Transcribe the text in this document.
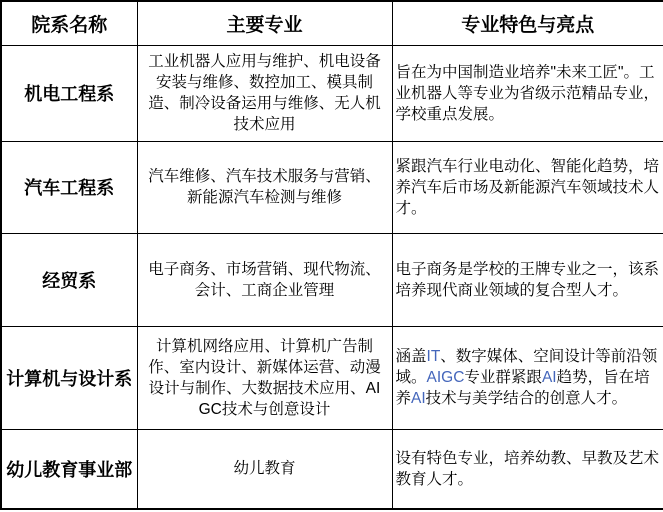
院系名称	主要专业	专业特色与亮点
机电工程系	工业机器人应用与维护、机电设备安装与维修、数控加工、模具制造、制冷设备运用与维修、无人机技术应用	旨在为中国制造业培养"未来工匠"。工业机器人等专业为省级示范精品专业，学校重点发展。
汽车工程系	汽车维修、汽车技术服务与营销、新能源汽车检测与维修	紧跟汽车行业电动化、智能化趋势，培养汽车后市场及新能源汽车领域技术人才。
经贸系	电子商务、市场营销、现代物流、会计、工商企业管理	电子商务是学校的王牌专业之一，该系培养现代商业领域的复合型人才。
计算机与设计系	计算机网络应用、计算机广告制作、室内设计、新媒体运营、动漫设计与制作、大数据技术应用、AIGC技术与创意设计	涵盖IT、数字媒体、空间设计等前沿领域。AIGC专业群紧跟AI趋势，旨在培养AI技术与美学结合的创意人才。
幼儿教育事业部	幼儿教育	设有特色专业，培养幼教、早教及艺术教育人才。
